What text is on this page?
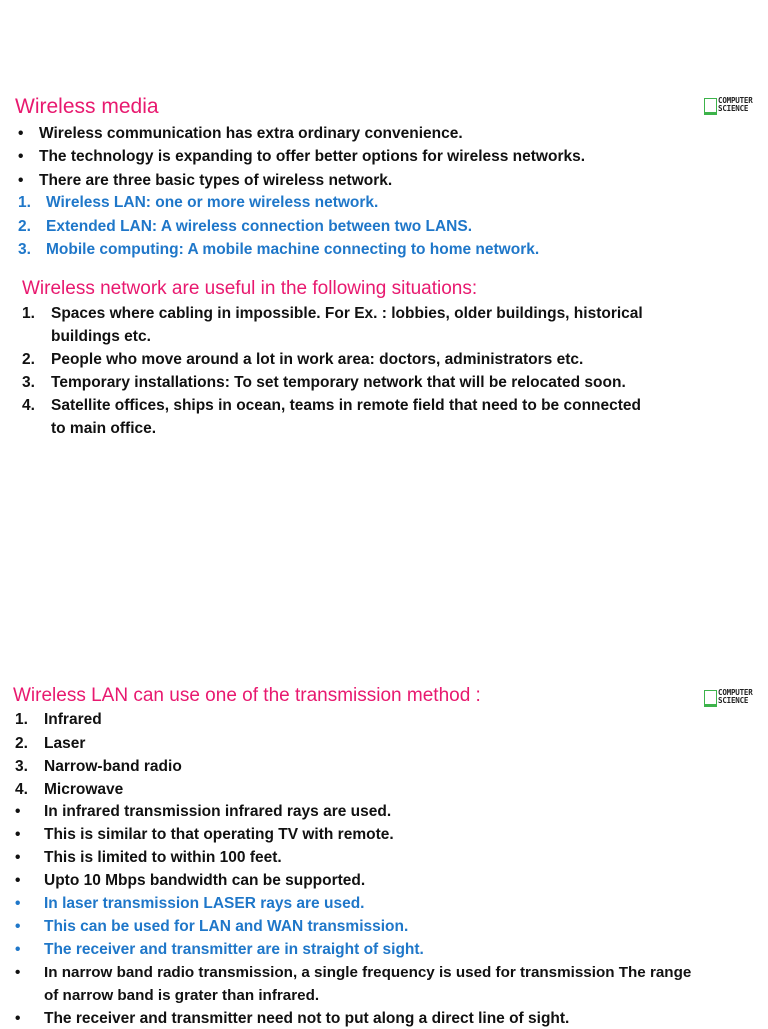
Wireless media	COMPUTER
SCIENCE
• Wireless communication has extra ordinary convenience.
• The technology is expanding to offer better options for wireless networks.
• There are three basic types of wireless network.
1. Wireless LAN: one or more wireless network.
2. Extended LAN: A wireless connection between two LANS.
3. Mobile computing: A mobile machine connecting to home network.
Wireless network are useful in the following situations:
1. Spaces where cabling in impossible. For Ex. : lobbies, older buildings, historical
buildings etc.
2. People who move around a lot in work area: doctors, administrators etc.
3. Temporary installations: To set temporary network that will be relocated soon.
4. Satellite offices, ships in ocean, teams in remote field that need to be connected
to main office.
Wireless LAN can use one of the transmission method :	COMPUTER
SCIENCE
1. Infrared
2. Laser
3. Narrow-band radio
4. Microwave
• In infrared transmission infrared rays are used.
• This is similar to that operating TV with remote.
• This is limited to within 100 feet.
• Upto 10 Mbps bandwidth can be supported.
• In laser transmission LASER rays are used.
• This can be used for LAN and WAN transmission.
• The receiver and transmitter are in straight of sight.
• In narrow band radio transmission, a single frequency is used for transmission The range
of narrow band is grater than infrared.
• The receiver and transmitter need not to put along a direct line of sight.
